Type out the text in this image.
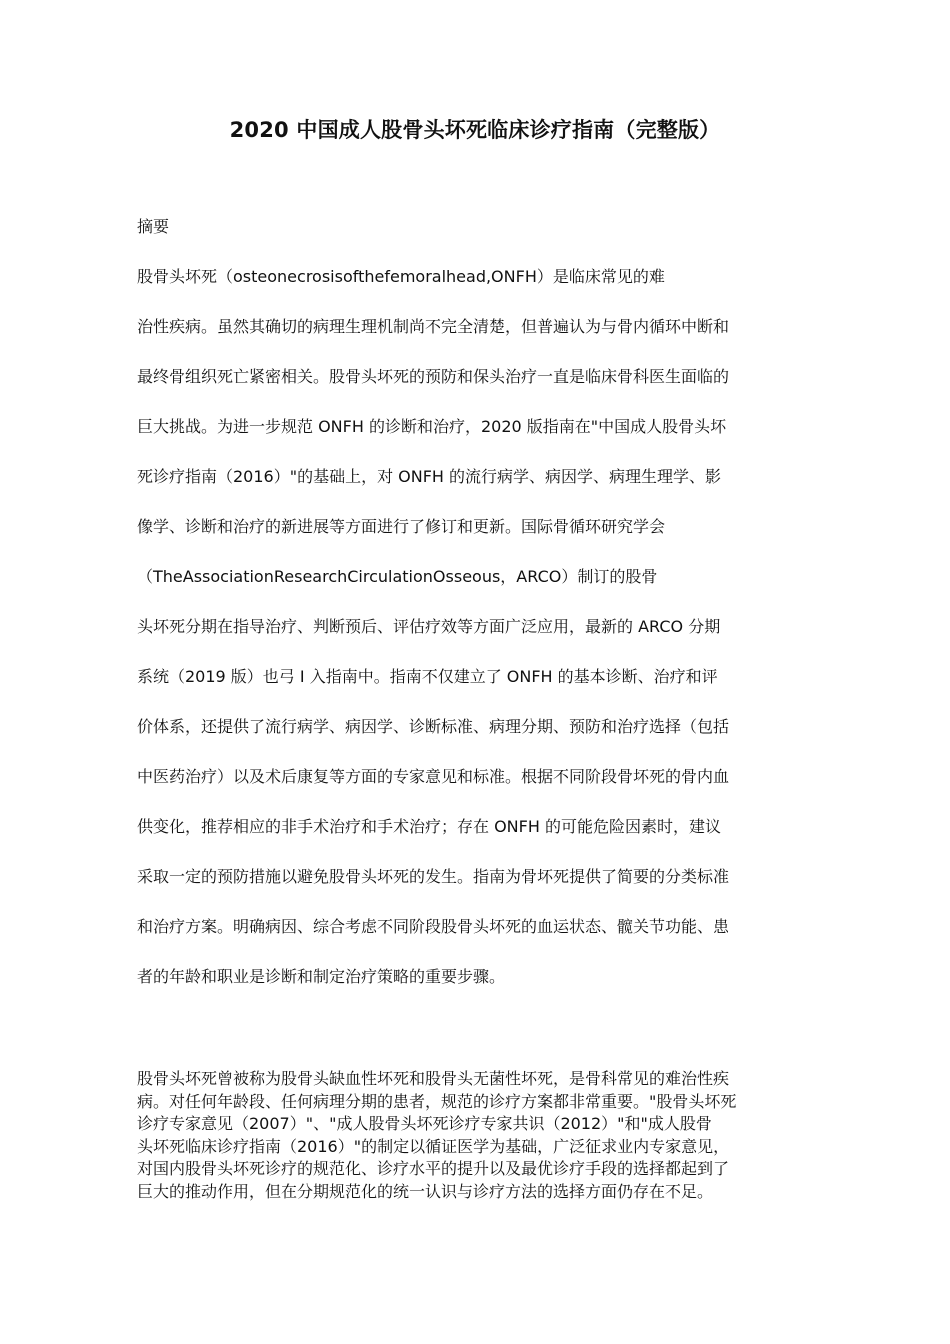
2020 中国成人股骨头坏死临床诊疗指南（完整版）
摘要
股骨头坏死（osteonecrosisofthefemoralhead,ONFH）是临床常见的难
治性疾病。虽然其确切的病理生理机制尚不完全清楚，但普遍认为与骨内循环中断和
最终骨组织死亡紧密相关。股骨头坏死的预防和保头治疗一直是临床骨科医生面临的
巨大挑战。为进一步规范 ONFH 的诊断和治疗，2020 版指南在"中国成人股骨头坏
死诊疗指南（2016）"的基础上，对 ONFH 的流行病学、病因学、病理生理学、影
像学、诊断和治疗的新进展等方面进行了修订和更新。国际骨循环研究学会
（TheAssociationResearchCirculationOsseous，ARCO）制订的股骨
头坏死分期在指导治疗、判断预后、评估疗效等方面广泛应用，最新的 ARCO 分期
系统（2019 版）也弓 I 入指南中。指南不仅建立了 ONFH 的基本诊断、治疗和评
价体系，还提供了流行病学、病因学、诊断标准、病理分期、预防和治疗选择（包括
中医药治疗）以及术后康复等方面的专家意见和标准。根据不同阶段骨坏死的骨内血
供变化，推荐相应的非手术治疗和手术治疗；存在 ONFH 的可能危险因素时，建议
采取一定的预防措施以避免股骨头坏死的发生。指南为骨坏死提供了简要的分类标准
和治疗方案。明确病因、综合考虑不同阶段股骨头坏死的血运状态、髋关节功能、患
者的年龄和职业是诊断和制定治疗策略的重要步骤。
股骨头坏死曾被称为股骨头缺血性坏死和股骨头无菌性坏死，是骨科常见的难治性疾
病。对任何年龄段、任何病理分期的患者，规范的诊疗方案都非常重要。"股骨头坏死
诊疗专家意见（2007）"、"成人股骨头坏死诊疗专家共识（2012）"和"成人股骨
头坏死临床诊疗指南（2016）"的制定以循证医学为基础，广泛征求业内专家意见，
对国内股骨头坏死诊疗的规范化、诊疗水平的提升以及最优诊疗手段的选择都起到了
巨大的推动作用，但在分期规范化的统一认识与诊疗方法的选择方面仍存在不足。
